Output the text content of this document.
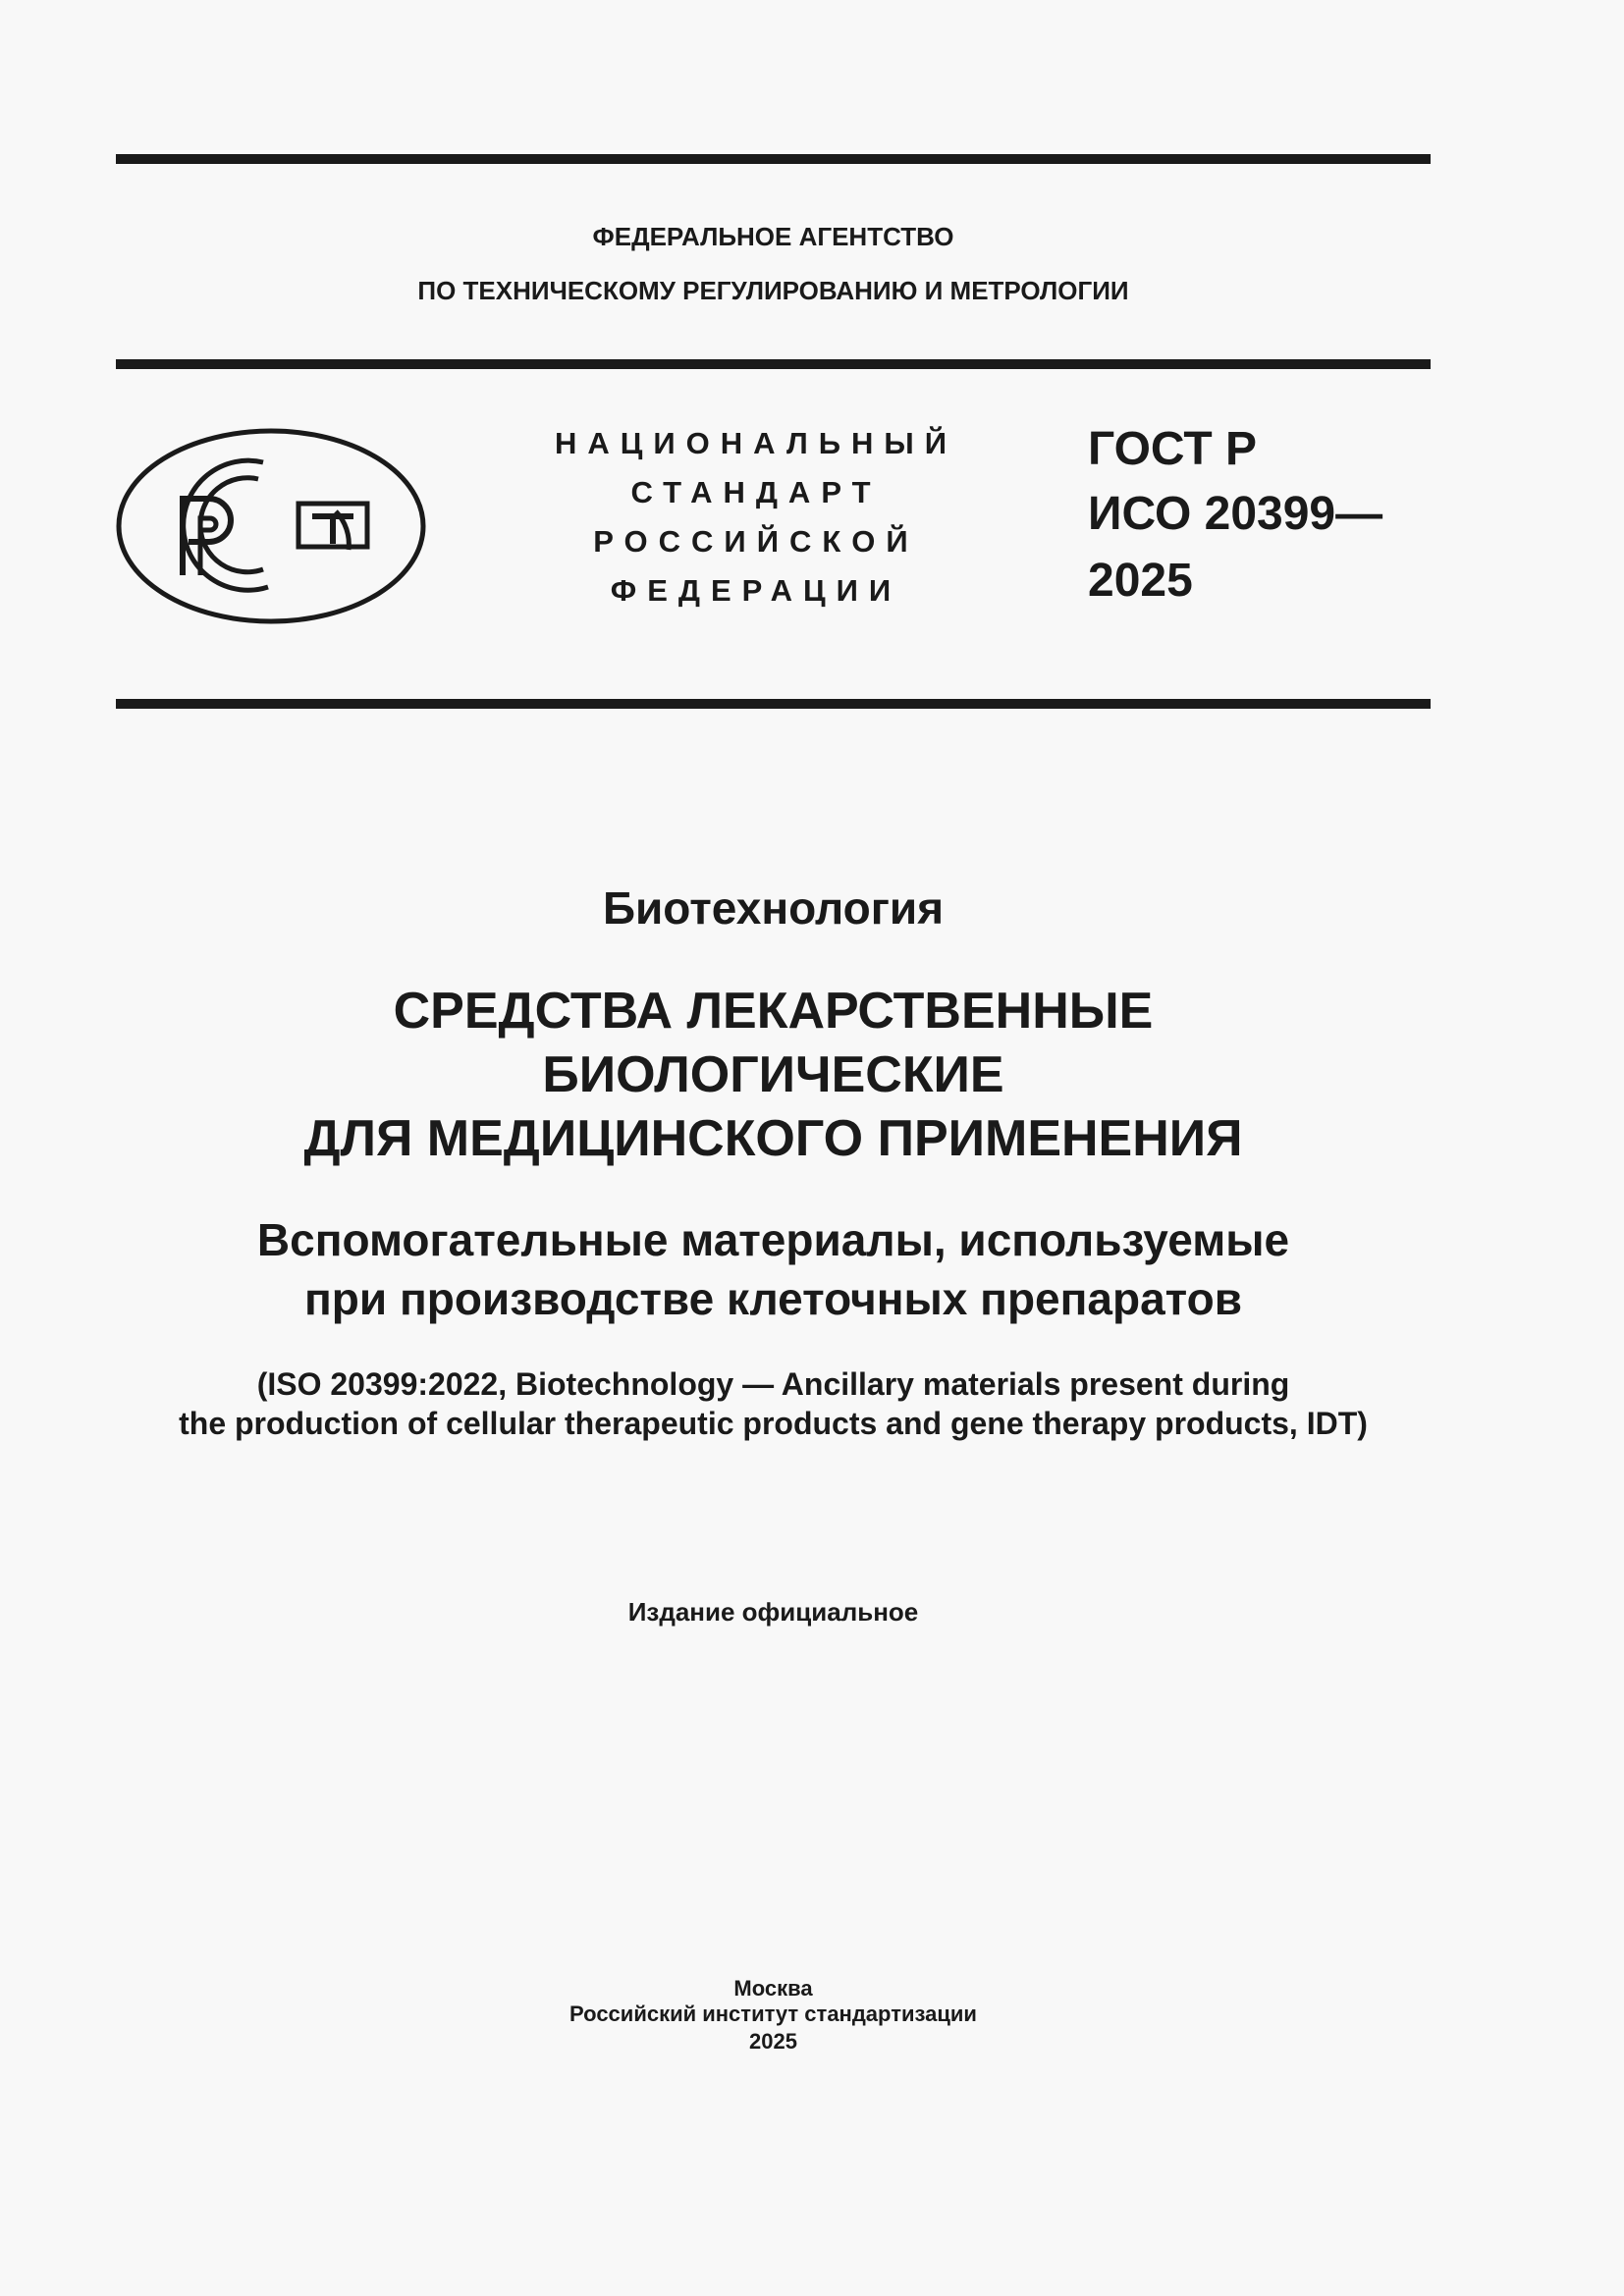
ФЕДЕРАЛЬНОЕ АГЕНТСТВО
ПО ТЕХНИЧЕСКОМУ РЕГУЛИРОВАНИЮ И МЕТРОЛОГИИ
НАЦИОНАЛЬНЫЙ
СТАНДАРТ
РОССИЙСКОЙ
ФЕДЕРАЦИИ
ГОСТ Р
ИСО 20399—
2025
Биотехнология
СРЕДСТВА ЛЕКАРСТВЕННЫЕ
БИОЛОГИЧЕСКИЕ
ДЛЯ МЕДИЦИНСКОГО ПРИМЕНЕНИЯ
Вспомогательные материалы, используемые
при производстве клеточных препаратов
(ISO 20399:2022, Biotechnology — Ancillary materials present during
the production of cellular therapeutic products and gene therapy products, IDT)
Издание официальное
Москва
Российский институт стандартизации
2025
